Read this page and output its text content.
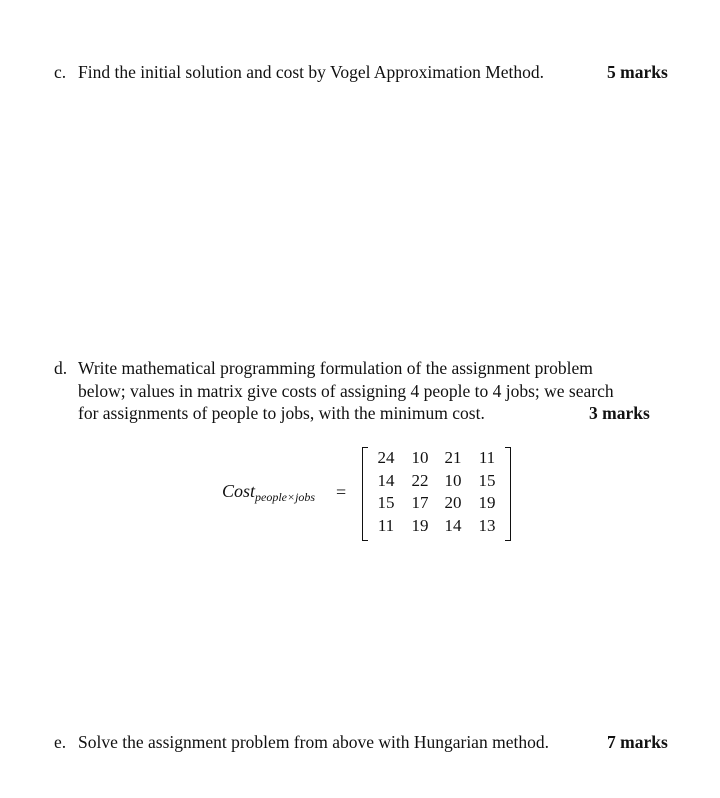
c. Find the initial solution and cost by Vogel Approximation Method.	5 marks
d. Write mathematical programming formulation of the assignment problem
below; values in matrix give costs of assigning 4 people to 4 jobs; we search
for assignments of people to jobs, with the minimum cost.	3 marks
Cost$_{people\times jobs}$ =
24	10 21	11
14	22 10	15
15	17 20	19
11	19 14	13
e. Solve the assignment problem from above with Hungarian method.	7 marks
